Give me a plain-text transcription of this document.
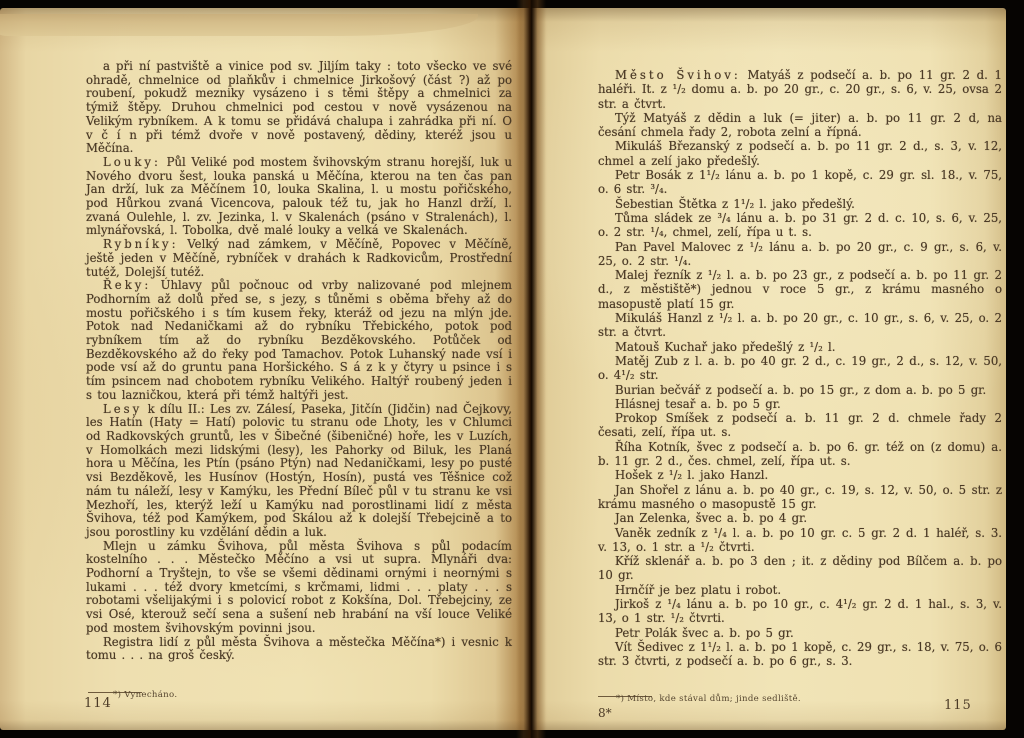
a při ní pastviště a vinice pod sv. Jiljím taky : toto všecko ve své ohradě, chmelnice od plaňkův i chmelnice Jirkošový (část ?) až po roubení, pokudž mezniky vysázeno i s těmi štěpy a chmelnici za týmiž štěpy. Druhou chmelnici pod cestou v nově vysázenou na Velikým rybníkem. A k tomu se přidává chalupa i zahrádka při ní. O v č í n při témž dvoře v nově postavený, dědiny, kteréž jsou u Měčína.

Louky: Půl Veliké pod mostem švihovským stranu horejší, luk u Nového dvoru šest, louka panská u Měčína, kterou na ten čas pan Jan drží, luk za Měčínem 10, louka Skalina, l. u mostu pořičského, pod Hůrkou zvaná Vicencova, palouk též tu, jak ho Hanzl drží, l. zvaná Oulehle, l. zv. Jezinka, l. v Skalenách (psáno v Stralenách), l. mlynářovská, l. Tobolka, dvě malé louky a velká ve Skalenách.

Rybníky: Velký nad zámkem, v Měčíně, Popovec v Měčíně, ještě jeden v Měčíně, rybníček v drahách k Radkovicům, Prostřední tutéž, Dolejší tutéž.

Řeky: Úhlavy půl počnouc od vrby nalizované pod mlejnem Podhorním až dolů před se, s jezy, s tůněmi s oběma břehy až do mostu pořičského i s tím kusem řeky, kteráž od jezu na mlýn jde. Potok nad Nedaničkami až do rybníku Třebického, potok pod rybníkem tím až do rybníku Bezděkovského. Potůček od Bezděkovského až do řeky pod Tamachov. Potok Luhanský nade vsí i pode vsí až do gruntu pana Horšického. S á z k y čtyry u psince i s tím psincem nad chobotem rybníku Velikého. Haltýř roubený jeden i s tou lazničkou, která při témž haltýři jest.

Lesy k dílu II.: Les zv. Zálesí, Paseka, Jitčín (Jidčin) nad Čejkovy, les Hatín (Haty = Hatí) polovic tu stranu ode Lhoty, les v Chlumci od Radkovských gruntů, les v Šibečné (šibeničné) hoře, les v Luzích, v Homolkách mezi lidskými (lesy), les Pahorky od Biluk, les Planá hora u Měčína, les Ptín (psáno Ptýn) nad Nedaničkami, lesy po pusté vsi Bezděkově, les Husínov (Hostýn, Hosín), pustá ves Těšnice což nám tu náleží, lesy v Kamýku, les Přední Bíleč půl v tu stranu ke vsi Mezhoří, les, kterýž leží u Kamýku nad porostlinami lidí z města Švihova, též pod Kamýkem, pod Skálou až k dolejší Třebejcině a to jsou porostliny ku vzdělání dědin a luk.

Mlejn u zámku Švihova, půl města Švihova s půl podacím kostelního . . . Městečko Měčíno a vsi ut supra. Mlynáři dva: Podhorní a Tryštejn, to vše se všemi dědinami ornými i neornými s lukami . . . též dvory kmetcími, s krčmami, lidmi . . . platy . . . s robotami všelijakými i s polovicí robot z Kokšína, Dol. Třebejciny, ze vsi Osé, kterouž sečí sena a sušení neb hrabání na vší louce Veliké pod mostem švihovským povinni jsou.

Registra lidí z půl města Švihova a městečka Měčína*) i vesnic k tomu . . . na groš český.

*) Vynecháno.
114

Město Švihov: Matyáš z podsečí a. b. po 11 gr. 2 d. 1 haléři. It. z ¹/₂ domu a. b. po 20 gr., c. 20 gr., s. 6, v. 25, ovsa 2 str. a čtvrt.

Týž Matyáš z dědin a luk (= jiter) a. b. po 11 gr. 2 d, na česání chmela řady 2, robota zelní a řípná.

Mikuláš Březanský z podsečí a. b. po 11 gr. 2 d., s. 3, v. 12, chmel a zelí jako předešlý.

Petr Bosák z 1¹/₂ lánu a. b. po 1 kopě, c. 29 gr. sl. 18., v. 75, o. 6 str. ³/₄.

Šebestian Štětka z 1¹/₂ l. jako předešlý.

Tůma sládek ze ³/₄ lánu a. b. po 31 gr. 2 d. c. 10, s. 6, v. 25, o. 2 str. ¹/₄, chmel, zelí, řípa u t. s.

Pan Pavel Malovec z ¹/₂ lánu a. b. po 20 gr., c. 9 gr., s. 6, v. 25, o. 2 str. ¹/₄.

Malej řezník z ¹/₂ l. a. b. po 23 gr., z podsečí a. b. po 11 gr. 2 d., z městiště*) jednou v roce 5 gr., z krámu masného o masopustě platí 15 gr.

Mikuláš Hanzl z ¹/₂ l. a. b. po 20 gr., c. 10 gr., s. 6, v. 25, o. 2 str. a čtvrt.

Matouš Kuchař jako předešlý z ¹/₂ l.

Matěj Zub z l. a. b. po 40 gr. 2 d., c. 19 gr., 2 d., s. 12, v. 50, o. 4¹/₂ str.

Burian bečvář z podsečí a. b. po 15 gr., z dom a. b. po 5 gr.

Hlásnej tesař a. b. po 5 gr.

Prokop Smíšek z podsečí a. b. 11 gr. 2 d. chmele řady 2 česati, zelí, řípa ut. s.

Říha Kotník, švec z podsečí a. b. po 6. gr. též on (z domu) a. b. 11 gr. 2 d., čes. chmel, zelí, řípa ut. s.

Hošek z ¹/₂ l. jako Hanzl.

Jan Shořel z lánu a. b. po 40 gr., c. 19, s. 12, v. 50, o. 5 str. z krámu masného o masopustě 15 gr.

Jan Zelenka, švec a. b. po 4 gr.

Vaněk zedník z ¹/₄ l. a. b. po 10 gr. c. 5 gr. 2 d. 1 haléř, s. 3. v. 13, o. 1 str. a ¹/₂ čtvrti.

Kříž sklenář a. b. po 3 den ; it. z dědiny pod Bílčem a. b. po 10 gr.

Hrnčíř je bez platu i robot.

Jirkoš z ¹/₄ lánu a. b. po 10 gr., c. 4¹/₂ gr. 2 d. 1 hal., s. 3, v. 13, o 1 str. ¹/₂ čtvrti.

Petr Polák švec a. b. po 5 gr.

Vít Šedivec z 1¹/₂ l. a. b. po 1 kopě, c. 29 gr., s. 18, v. 75, o. 6 str. 3 čtvrti, z podsečí a. b. po 6 gr., s. 3.

*) Místo, kde stával dům; jinde sedliště.
8*	115
